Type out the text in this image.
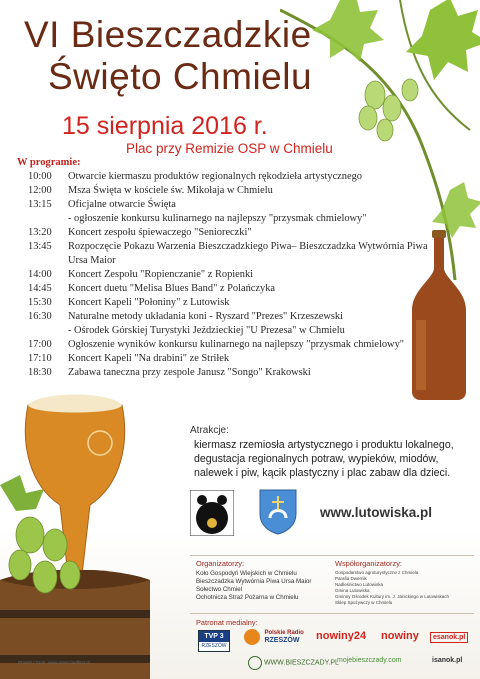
VI Bieszczadzkie
Święto Chmielu
15 sierpnia 2016 r.
Plac przy Remizie OSP w Chmielu
W programie:
10:00	Otwarcie kiermaszu produktów regionalnych rękodzieła artystycznego
12:00	Msza Święta w kościele św. Mikołaja w Chmielu
13:15	Oficjalne otwarcie Święta
- ogłoszenie konkursu kulinarnego na najlepszy "przysmak chmielowy"
13:20	Koncert zespołu śpiewaczego "Senioreczki"
13:45	Rozpoczęcie Pokazu Warzenia Bieszczadzkiego Piwa– Bieszczadzka Wytwórnia Piwa Ursa Maior
14:00	Koncert Zespołu "Ropienczanie" z Ropienki
14:45	Koncert duetu "Melisa Blues Band" z Polańczyka
15:30	Koncert Kapeli "Połoniny" z Lutowisk
16:30	Naturalne metody układania koni - Ryszard "Prezes" Krzeszewski
- Ośrodek Górskiej Turystyki Jeździeckiej "U Prezesa" w Chmielu
17:00	Ogłoszenie wyników konkursu kulinarnego na najlepszy "przysmak chmielowy"
17:10	Koncert Kapeli "Na drabini" ze Striłek
18:30	Zabawa taneczna przy zespole Janusz "Songo" Krakowski
Atrakcje:
kiermasz rzemiosła artystycznego i produktu lokalnego, degustacja regionalnych potraw, wypieków, miodów, nalewek i piw, kącik plastyczny i plac zabaw dla dzieci.
www.lutowiska.pl
Organizatorzy:
Koło Gospodyń Wiejskich w Chmielu
Bieszczadzka Wytwórnia Piwa Ursa Maior
Sołectwo Chmiel
Ochotnicza Straż Pożarna w Chmielu
Współorganizatorzy:
Gospodarstwo agroturystyczne z Chmiela
Parafia Dwernik
Nadleśnictwo Lutowiska
Gmina Lutowiska
Gminny Ośrodek Kultury im. J. Janickiego w Lutowiskach
Sklep Spożywczy w Chmielu
Patronat medialny:
TVP 3
RZESZÓW

Polskie Radio
RZESZÓW	nowiny24 nowiny	esanok.pl
WWW.BIESZCZADY.PL
mojebieszczady.com	isanok.pl
Projekt / Druk: www.agencjaeffect.pl
